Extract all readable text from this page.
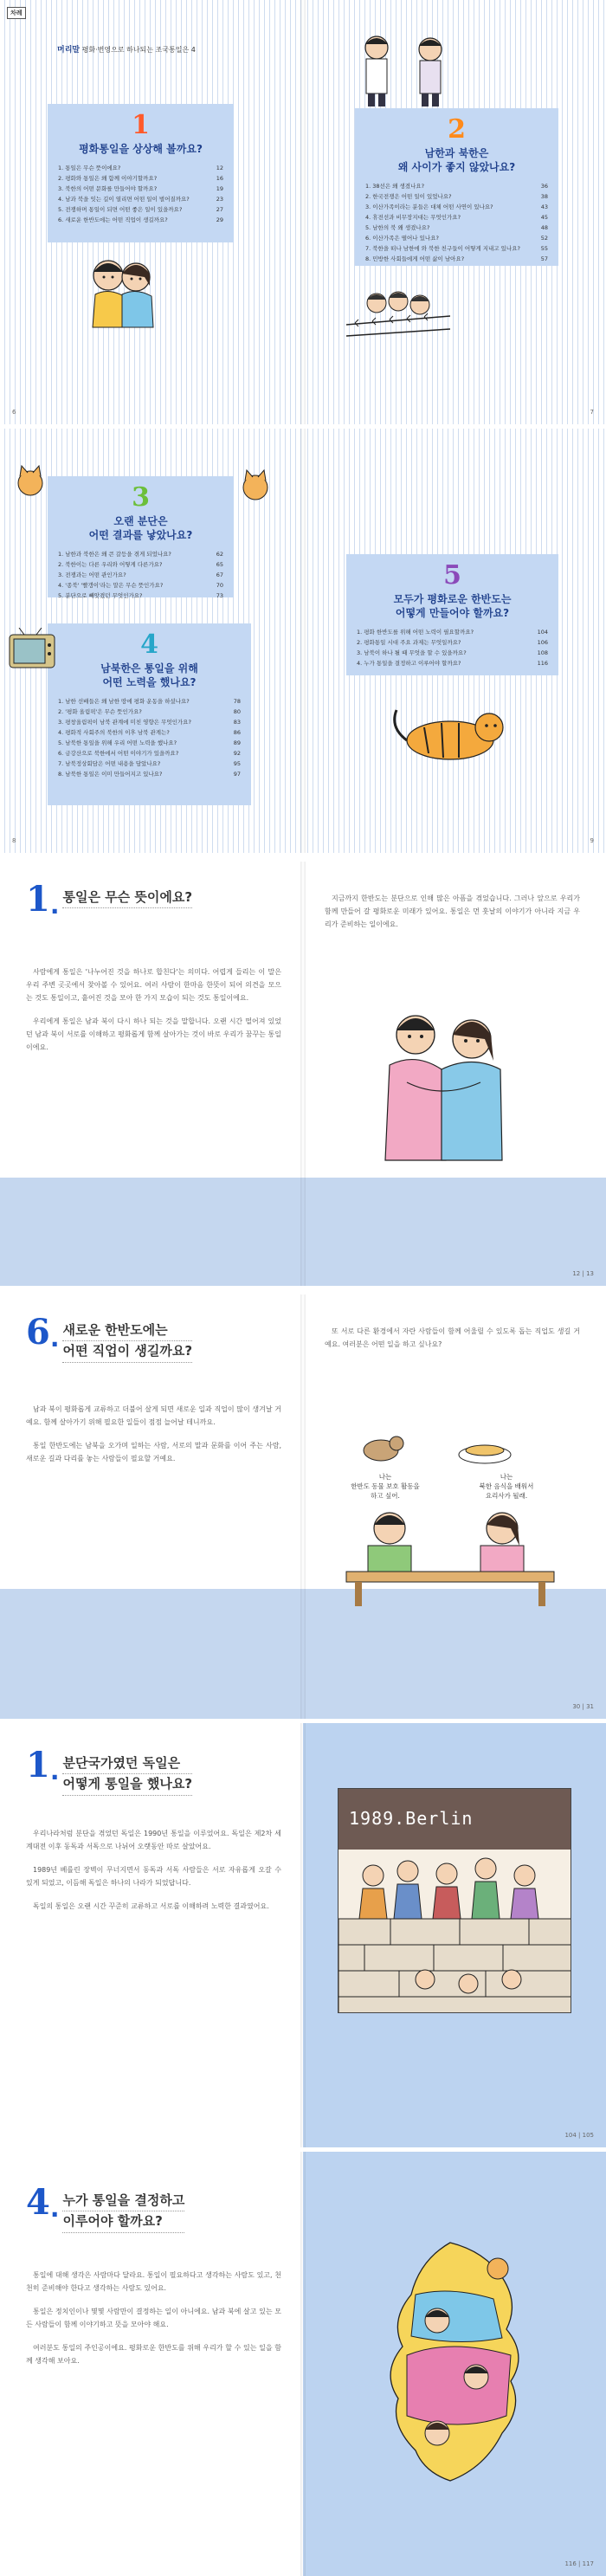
차례
머리말 평화·번영으로 하나되는 조국통일은 4
1
평화통일을 상상해 볼까요?
1. 통일은 무슨 뜻이에요?	12
2. 평화와 통일은 왜 함께 이야기할까요?	16
3. 북한의 어떤 문화를 만들어야 할까요?	19
4. 남과 북을 잇는 길이 열리면 어떤 일이 벌어질까요?	23
5. 전쟁하며 통일이 되면 어떤 좋은 일이 있을까요?	27
6. 새로운 한반도에는 어떤 직업이 생길까요?	29
6
2
남한과 북한은
왜 사이가 좋지 않았나요?
1. 38선은 왜 생겼나요?	36
2. 한국전쟁은 어떤 일이 있었나요?	38
3. 이산가족이라는 분들은 대체 어떤 사연이 있나요?	43
4. 휴전선과 비무장지대는 무엇인가요?	45
5. 남한의 북 왜 생겼나요?	48
6. 이산가족은 떨어나 있나요?	52
7. 북한을 떠나 남한에 와 북한 친구들이 어떻게 지내고 있나요?	55
8. 민방한 사회들에게 어떤 삶이 남아요?	57
7
3
오랜 분단은
어떤 결과를 낳았나요?
1. 남한과 북한은 왜 큰 갈등을 겪게 되었나요?	62
2. 북한이는 다른 우리와 어떻게 다른가요?	65
3. 전쟁과는 어떤 관인가요?	67
4. '종북' '빨갱이'라는 말은 무슨 뜻인가요?	70
5. 분단으로 빼앗겼던 무엇인가요?	73
4
남북한은 통일을 위해
어떤 노력을 했나요?
1. 남한 선배들은 왜 남한 땅에 평화 운동을 하셨나요?	78
2. '평화 올림픽'은 무슨 뜻인가요?	80
3. 평창올림픽이 남북 관계에 미친 영향은 무엇인가요?	83
4. 평화적 사회주의 북한의 이후 남북 관계는?	86
5. 남북한 통일을 위해 우리 어떤 노력을 했나요?	89
6. 금강산으로 북한에서 어떤 이야기가 있을까요?	92
7. 남북정상회담은 어떤 내용을 담았나요?	95
8. 남북한 통일은 이미 만들어지고 있나요?	97
8
5
모두가 평화로운 한반도는
어떻게 만들어야 할까요?
1. 평화 한반도를 위해 어떤 노력이 필요할까요?	104
2. 평화통일 시대 주요 과제는 무엇일까요?	106
3. 남북이 하나 될 때 무엇을 할 수 있을까요?	108
4. 누가 통일을 결정하고 이루어야 할까요?	116
9
1 . 통일은 무슨 뜻이에요?

사람에게 통일은 '나누어진 것을 하나로 합친다'는 의미다. 어렵게 들리는 이 말은 우리 주변 곳곳에서 찾아볼 수 있어요. 여러 사람이 한마음 한뜻이 되어 의견을 모으는 것도 통일이고, 흩어진 것을 모아 한 가지 모습이 되는 것도 통일이에요.

우리에게 통일은 남과 북이 다시 하나 되는 것을 말합니다. 오랜 시간 떨어져 있었던 남과 북이 서로를 이해하고 평화롭게 함께 살아가는 것이 바로 우리가 꿈꾸는 통일이에요.

지금까지 한반도는 분단으로 인해 많은 아픔을 겪었습니다. 그러나 앞으로 우리가 함께 만들어 갈 평화로운 미래가 있어요. 통일은 먼 훗날의 이야기가 아니라 지금 우리가 준비하는 일이에요.

12 | 13
6 . 새로운 한반도에는
어떤 직업이 생길까요?

남과 북이 평화롭게 교류하고 더불어 살게 되면 새로운 일과 직업이 많이 생겨날 거예요. 함께 살아가기 위해 필요한 일들이 점점 늘어날 테니까요.

통일 한반도에는 남북을 오가며 일하는 사람, 서로의 말과 문화를 이어 주는 사람, 새로운 길과 다리를 놓는 사람들이 필요할 거예요.

또 서로 다른 환경에서 자란 사람들이 함께 어울릴 수 있도록 돕는 직업도 생길 거예요. 여러분은 어떤 일을 하고 싶나요?

나는
한반도 동물 보호 활동을
하고 싶어.
나는
북한 음식을 배워서
요리사가 될래.
30 | 31
1 . 분단국가였던 독일은
어떻게 통일을 했나요?

우리나라처럼 분단을 겪었던 독일은 1990년 통일을 이루었어요. 독일은 제2차 세계대전 이후 동독과 서독으로 나뉘어 오랫동안 따로 살았어요.

1989년 베를린 장벽이 무너지면서 동독과 서독 사람들은 서로 자유롭게 오갈 수 있게 되었고, 이듬해 독일은 하나의 나라가 되었답니다.

독일의 통일은 오랜 시간 꾸준히 교류하고 서로를 이해하려 노력한 결과였어요.

1989.Berlin
104 | 105
4 . 누가 통일을 결정하고
이루어야 할까요?

통일에 대해 생각은 사람마다 달라요. 통일이 필요하다고 생각하는 사람도 있고, 천천히 준비해야 한다고 생각하는 사람도 있어요.

통일은 정치인이나 몇몇 사람만이 결정하는 일이 아니에요. 남과 북에 살고 있는 모든 사람들이 함께 이야기하고 뜻을 모아야 해요.

여러분도 통일의 주인공이에요. 평화로운 한반도를 위해 우리가 할 수 있는 일을 함께 생각해 보아요.

116 | 117
